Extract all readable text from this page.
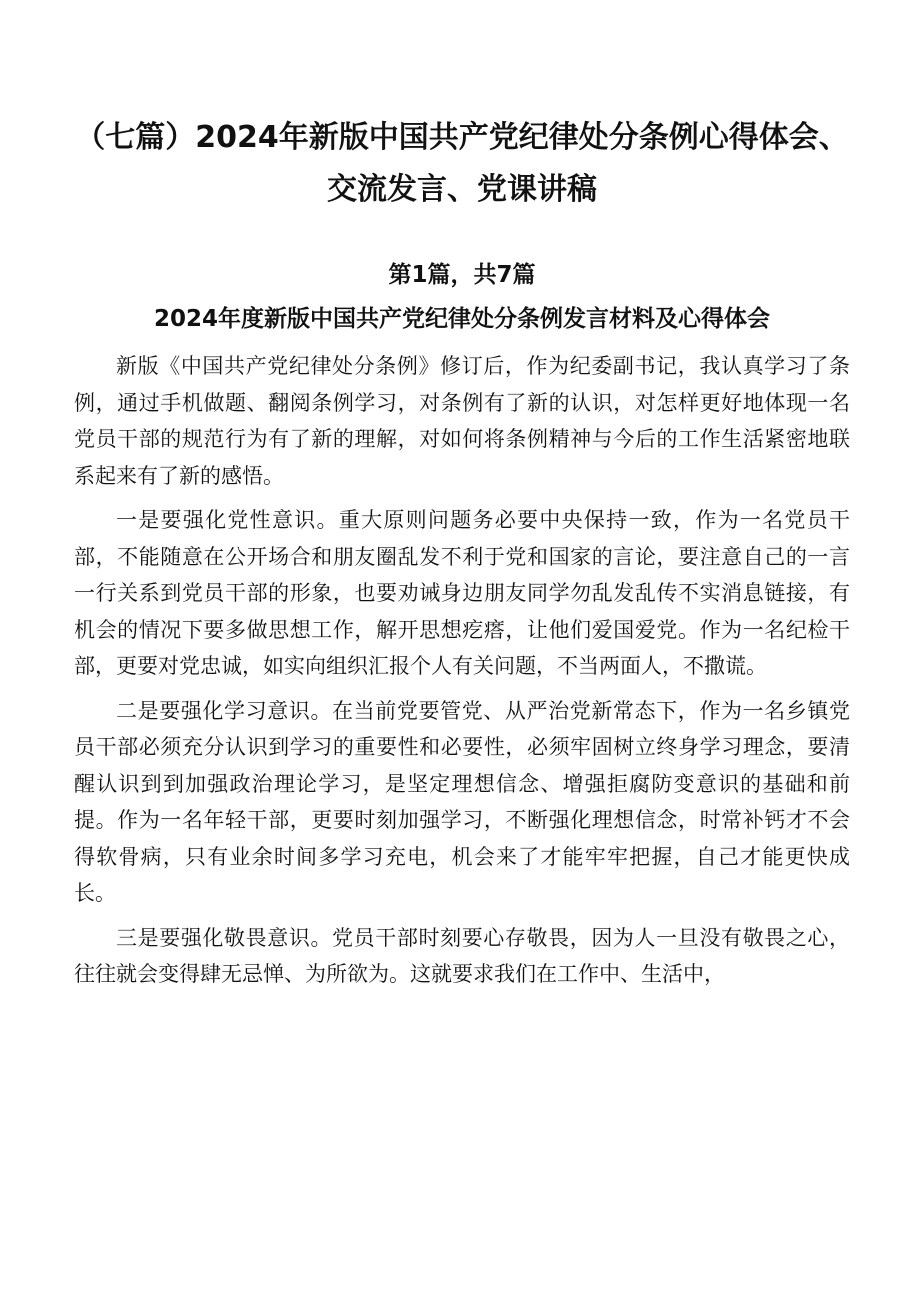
（七篇）2024年新版中国共产党纪律处分条例心得体会、交流发言、党课讲稿
第1篇，共7篇
2024年度新版中国共产党纪律处分条例发言材料及心得体会

新版《中国共产党纪律处分条例》修订后，作为纪委副书记，我认真学习了条例，通过手机做题、翻阅条例学习，对条例有了新的认识，对怎样更好地体现一名党员干部的规范行为有了新的理解，对如何将条例精神与今后的工作生活紧密地联系起来有了新的感悟。

一是要强化党性意识。重大原则问题务必要中央保持一致，作为一名党员干部，不能随意在公开场合和朋友圈乱发不利于党和国家的言论，要注意自己的一言一行关系到党员干部的形象，也要劝诫身边朋友同学勿乱发乱传不实消息链接，有机会的情况下要多做思想工作，解开思想疙瘩，让他们爱国爱党。作为一名纪检干部，更要对党忠诚，如实向组织汇报个人有关问题，不当两面人，不撒谎。

二是要强化学习意识。在当前党要管党、从严治党新常态下，作为一名乡镇党员干部必须充分认识到学习的重要性和必要性，必须牢固树立终身学习理念，要清醒认识到到加强政治理论学习，是坚定理想信念、增强拒腐防变意识的基础和前提。作为一名年轻干部，更要时刻加强学习，不断强化理想信念，时常补钙才不会得软骨病，只有业余时间多学习充电，机会来了才能牢牢把握，自己才能更快成长。

三是要强化敬畏意识。党员干部时刻要心存敬畏，因为人一旦没有敬畏之心，往往就会变得肆无忌惮、为所欲为。这就要求我们在工作中、生活中，
